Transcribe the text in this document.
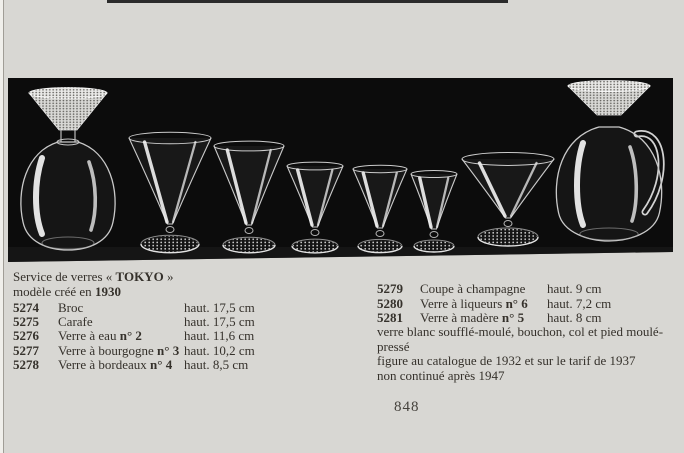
Service de verres « TOKYO »
modèle créé en 1930
5274	Broc	haut. 17,5 cm
5275	Carafe	haut. 17,5 cm
5276	Verre à eau n° 2	haut. 11,6 cm
5277	Verre à bourgogne n° 3 haut. 10,2 cm
5278	Verre à bordeaux n° 4 haut. 8,5 cm
5279	Coupe à champagne	haut. 9 cm
5280	Verre à liqueurs n° 6	haut. 7,2 cm
5281	Verre à madère n° 5	haut. 8 cm
verre blanc soufflé-moulé, bouchon, col et pied moulé-pressé
figure au catalogue de 1932 et sur le tarif de 1937
non continué après 1947
848
